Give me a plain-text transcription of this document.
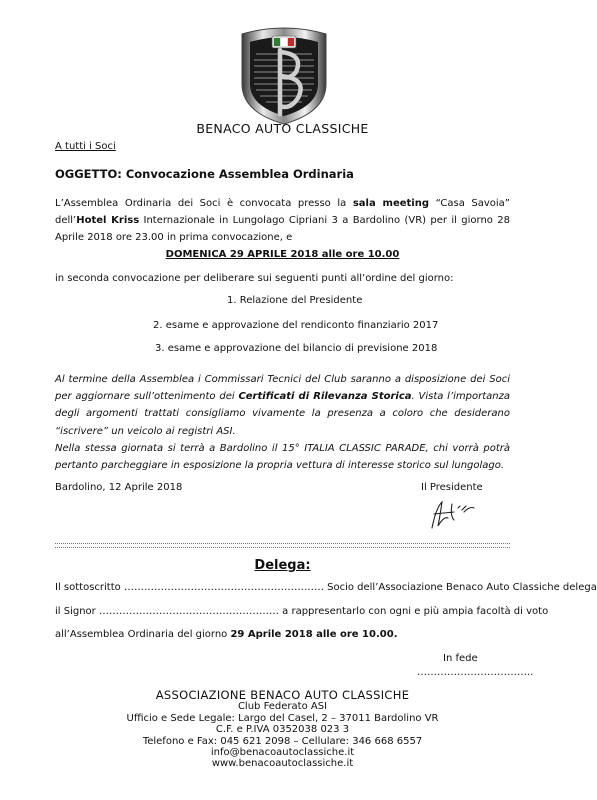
BENACO AUTO CLASSICHE
A tutti i Soci
OGGETTO: Convocazione Assemblea Ordinaria
L’Assemblea Ordinaria dei Soci è convocata presso la sala meeting “Casa Savoia” dell’Hotel Kriss Internazionale in Lungolago Cipriani 3 a Bardolino (VR) per il giorno 28 Aprile 2018 ore 23.00 in prima convocazione, e
DOMENICA 29 APRILE 2018 alle ore 10.00
in seconda convocazione per deliberare sui seguenti punti all’ordine del giorno:
1. Relazione del Presidente
2. esame e approvazione del rendiconto finanziario 2017
3. esame e approvazione del bilancio di previsione 2018
Al termine della Assemblea i Commissari Tecnici del Club saranno a disposizione dei Soci per aggiornare sull’ottenimento dei Certificati di Rilevanza Storica. Vista l’importanza degli argomenti trattati consigliamo vivamente la presenza a coloro che desiderano “iscrivere” un veicolo ai registri ASI.
Nella stessa giornata si terrà a Bardolino il 15° ITALIA CLASSIC PARADE, chi vorrà potrà pertanto parcheggiare in esposizione la propria vettura di interesse storico sul lungolago.
Bardolino, 12 Aprile 2018	Il Presidente
Delega:
Il sottoscritto …………………………………………………… Socio dell’Associazione Benaco Auto Classiche delega
il Signor ……………………………………………… a rappresentarlo con ogni e più ampia facoltà di voto
all’Assemblea Ordinaria del giorno 29 Aprile 2018 alle ore 10.00.
In fede
……………………………..
ASSOCIAZIONE BENACO AUTO CLASSICHE
Club Federato ASI
Ufficio e Sede Legale: Largo del Casel, 2 – 37011 Bardolino VR
C.F. e P.IVA 0352038 023 3
Telefono e Fax: 045 621 2098 – Cellulare: 346 668 6557
info@benacoautoclassiche.it
www.benacoautoclassiche.it
